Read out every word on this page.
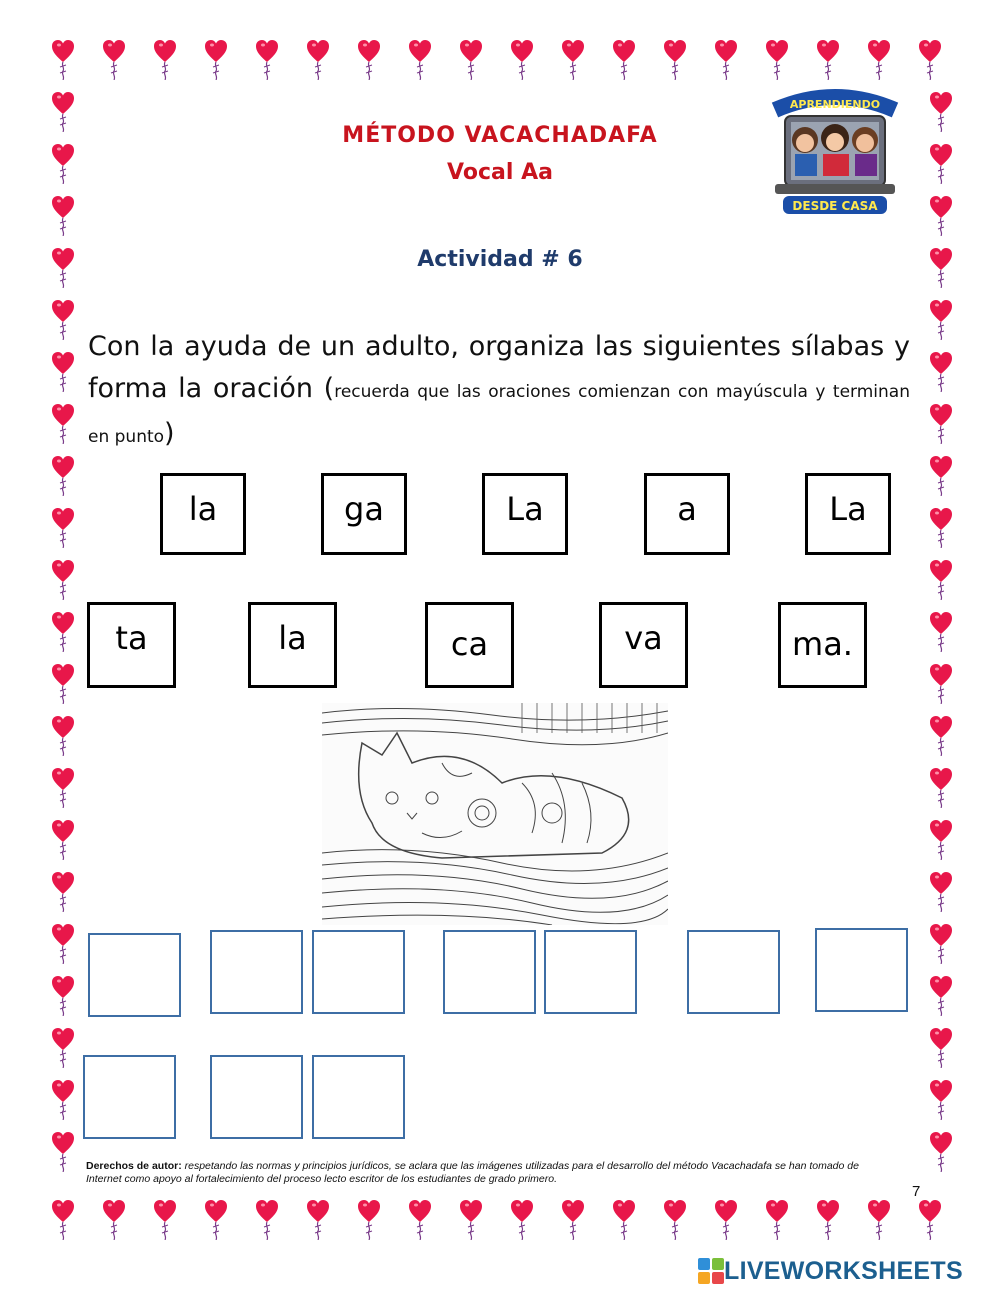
MÉTODO VACACHADAFA
Vocal Aa
APRENDIENDO
DESDE CASA
Actividad # 6
Con la ayuda de un adulto, organiza las siguientes sílabas y forma la oración (recuerda que las oraciones comienzan con mayúscula y terminan en punto)
la	ga	La	a	La
ta	la	ca	va	ma.
Derechos de autor: respetando las normas y principios jurídicos, se aclara que las imágenes utilizadas para el desarrollo del método Vacachadafa se han tomado de Internet como apoyo al fortalecimiento del proceso lecto escritor de los estudiantes de grado primero.
7
LIVEWORKSHEETS
